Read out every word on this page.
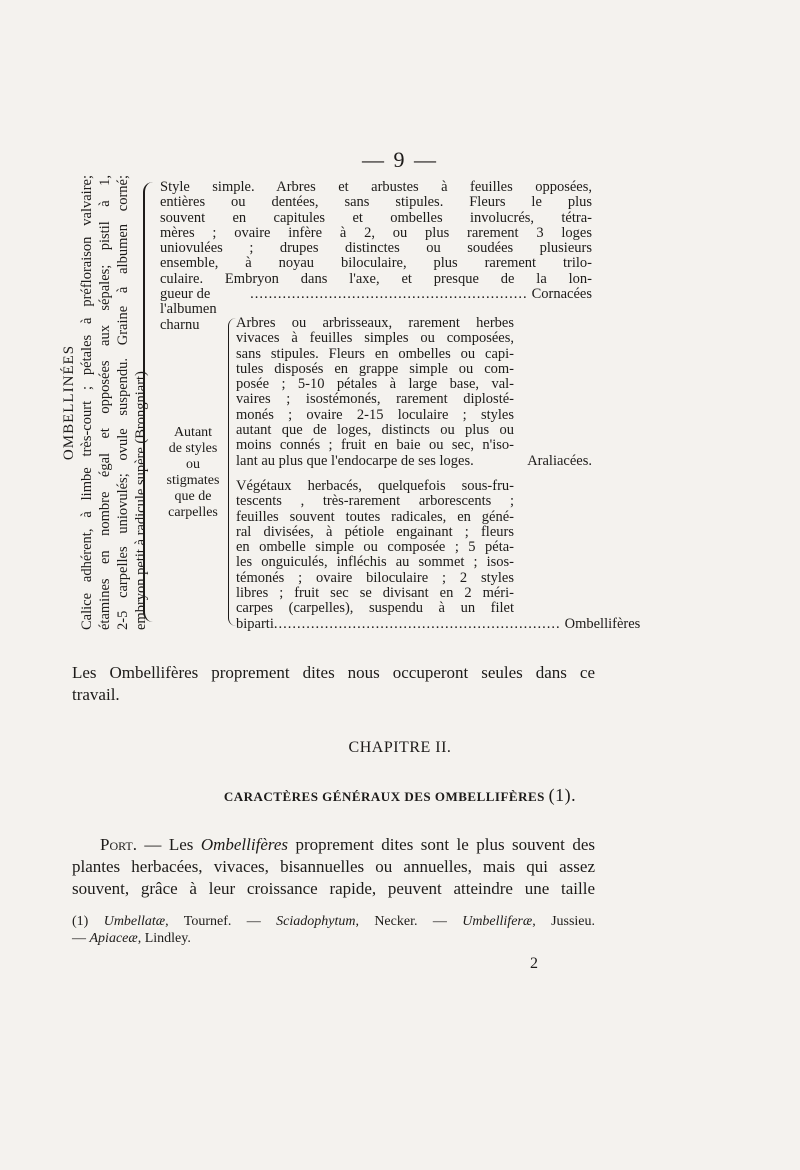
— 9 —
OMBELLINÉES Calice adhérent, à limbe très-court ; pétales à préfloraison valvaire; étamines en nombre égal et opposées aux sépales; pistil à 1, 2-5 carpelles uniovulés; ovule suspendu. Graine à albumen corné; embryon petit à radicule supère (Brongniart)	Autant
de styles
ou
stigmates
que de
carpelles
Style simple. Arbres et arbustes à feuilles opposées,
entières ou dentées, sans stipules. Fleurs le plus
souvent en capitules et ombelles involucrés, tétra-
mères ; ovaire infère à 2, ou plus rarement 3 loges
uniovulées ; drupes distinctes ou soudées plusieurs
ensemble, à noyau biloculaire, plus rarement trilo-
culaire. Embryon dans l'axe, et presque de la lon-
gueur de l'albumen charnu
............................................................ Cornacées
Arbres ou arbrisseaux, rarement herbes
vivaces à feuilles simples ou composées,
sans stipules. Fleurs en ombelles ou capi-
tules disposés en grappe simple ou com-
posée ; 5-10 pétales à large base, val-
vaires ; isostémonés, rarement diplosté-
monés ; ovaire 2-15 loculaire ; styles
autant que de loges, distincts ou plus ou
moins connés ; fruit en baie ou sec, n'iso-
lant au plus que l'endocarpe de ses loges.
	Araliacées.
Végétaux herbacés, quelquefois sous-fru-
tescents , très-rarement arborescents ;
feuilles souvent toutes radicales, en géné-
ral divisées, à pétiole engainant ; fleurs
en ombelle simple ou composée ; 5 péta-
les onguiculés, infléchis au sommet ; isos-
témonés ; ovaire biloculaire ; 2 styles
libres ; fruit sec se divisant en 2 méri-
carpes (carpelles), suspendu à un filet
biparti .............................................................. Ombellifères
Les Ombellifères proprement dites nous occuperont seules dans ce
travail.
CHAPITRE II.
CARACTÈRES GÉNÉRAUX DES OMBELLIFÈRES (1).
Port. — Les Ombellifères proprement dites sont le plus souvent des
plantes herbacées, vivaces, bisannuelles ou annuelles, mais qui assez
souvent, grâce à leur croissance rapide, peuvent atteindre une taille
(1) Umbellatæ, Tournef. — Sciadophytum, Necker. — Umbelliferæ, Jussieu.
— Apiaceæ, Lindley.
2
